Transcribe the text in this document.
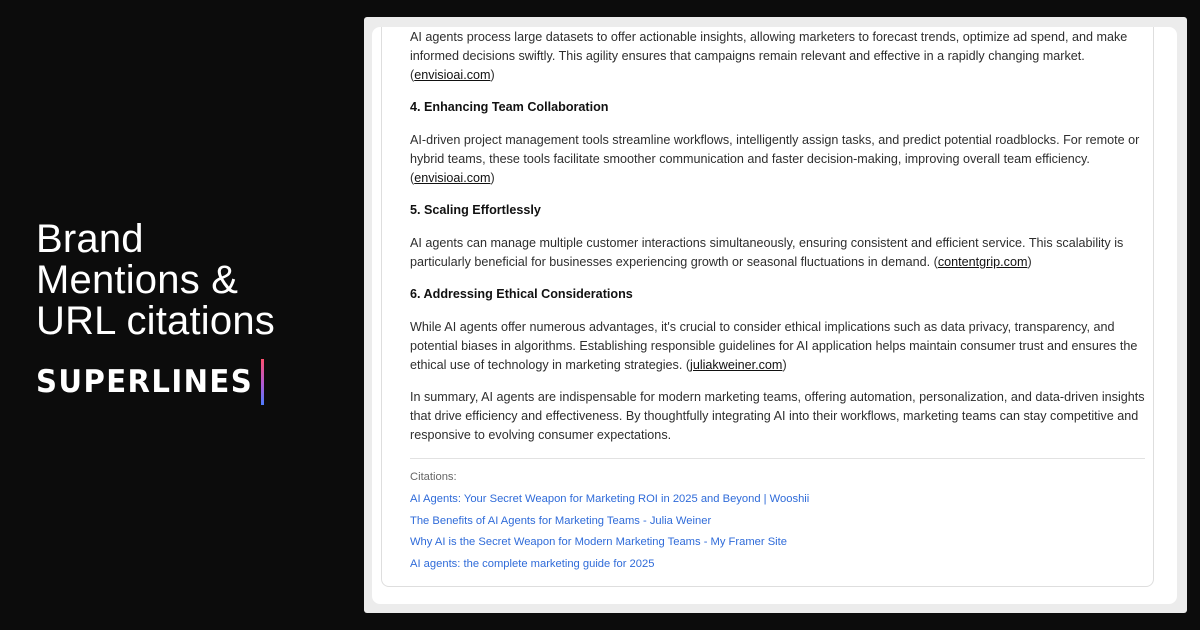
Brand
Mentions &
URL citations
SUPERLINES

AI agents process large datasets to offer actionable insights, allowing marketers to forecast trends, optimize ad spend, and make informed decisions swiftly. This agility ensures that campaigns remain relevant and effective in a rapidly changing market. (envisioai.com)

4. Enhancing Team Collaboration

AI-driven project management tools streamline workflows, intelligently assign tasks, and predict potential roadblocks. For remote or hybrid teams, these tools facilitate smoother communication and faster decision-making, improving overall team efficiency. (envisioai.com)

5. Scaling Effortlessly

AI agents can manage multiple customer interactions simultaneously, ensuring consistent and efficient service. This scalability is particularly beneficial for businesses experiencing growth or seasonal fluctuations in demand. (contentgrip.com)

6. Addressing Ethical Considerations

While AI agents offer numerous advantages, it's crucial to consider ethical implications such as data privacy, transparency, and potential biases in algorithms. Establishing responsible guidelines for AI application helps maintain consumer trust and ensures the ethical use of technology in marketing strategies. (juliakweiner.com)

In summary, AI agents are indispensable for modern marketing teams, offering automation, personalization, and data-driven insights that drive efficiency and effectiveness. By thoughtfully integrating AI into their workflows, marketing teams can stay competitive and responsive to evolving consumer expectations.

Citations:
AI Agents: Your Secret Weapon for Marketing ROI in 2025 and Beyond | Wooshii
The Benefits of AI Agents for Marketing Teams - Julia Weiner
Why AI is the Secret Weapon for Modern Marketing Teams - My Framer Site
AI agents: the complete marketing guide for 2025
